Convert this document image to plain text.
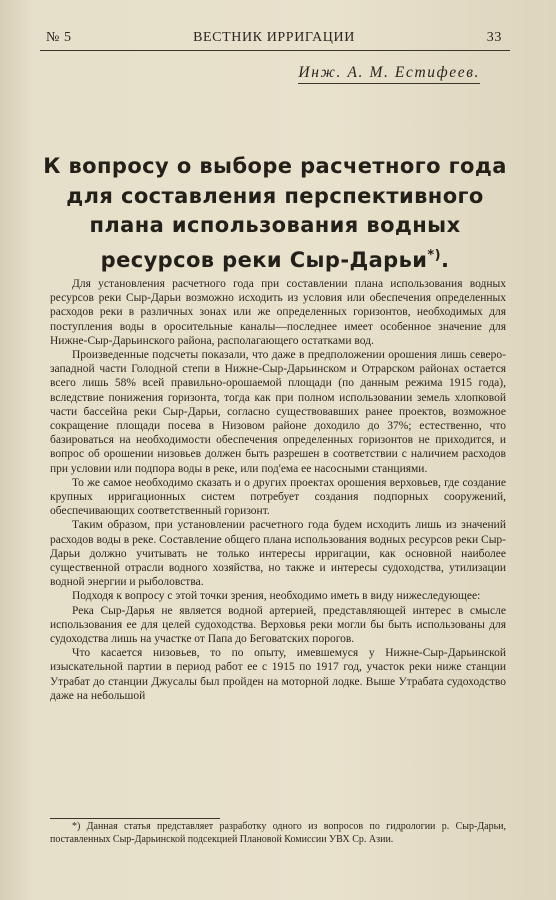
№ 5	ВЕСТНИК ИРРИГАЦИИ	33
Инж. А. М. Естифеев.
К вопросу о выборе расчетного года для составления перспективного плана использования водных ресурсов реки Сыр-Дарьи*).

Для установления расчетного года при составлении плана использования водных ресурсов реки Сыр-Дарьи возможно исходить из условия или обеспечения определенных расходов реки в различных зонах или же определенных горизонтов, необходимых для поступления воды в оросительные каналы—последнее имеет особенное значение для Нижне-Сыр-Дарьинского района, располагающего остатками вод.

Произведенные подсчеты показали, что даже в предположении орошения лишь северо-западной части Голодной степи в Нижне-Сыр-Дарьинском и Отрарском районах остается всего лишь 58% всей правильно-орошаемой площади (по данным режима 1915 года), вследствие понижения горизонта, тогда как при полном использовании земель хлопковой части бассейна реки Сыр-Дарьи, согласно существовавших ранее проектов, возможное сокращение площади посева в Низовом районе доходило до 37%; естественно, что базироваться на необходимости обеспечения определенных горизонтов не приходится, и вопрос об орошении низовьев должен быть разрешен в соответствии с наличием расходов при условии или подпора воды в реке, или под'ема ее насосными станциями.

То же самое необходимо сказать и о других проектах орошения верховьев, где создание крупных ирригационных систем потребует создания подпорных сооружений, обеспечивающих соответственный горизонт.

Таким образом, при установлении расчетного года будем исходить лишь из значений расходов воды в реке. Составление общего плана использования водных ресурсов реки Сыр-Дарьи должно учитывать не только интересы ирригации, как основной наиболее существенной отрасли водного хозяйства, но также и интересы судоходства, утилизации водной энергии и рыболовства.

Подходя к вопросу с этой точки зрения, необходимо иметь в виду нижеследующее:

Река Сыр-Дарья не является водной артерией, представляющей интерес в смысле использования ее для целей судоходства. Верховья реки могли бы быть использованы для судоходства лишь на участке от Папа до Беговатских порогов.

Что касается низовьев, то по опыту, имевшемуся у Нижне-Сыр-Дарьинской изыскательной партии в период работ ее с 1915 по 1917 год, участок реки ниже станции Утрабат до станции Джусалы был пройден на моторной лодке. Выше Утрабата судоходство даже на небольшой

*) Данная статья представляет разработку одного из вопросов по гидрологии р. Сыр-Дарьи, поставленных Сыр-Дарьинской подсекцией Плановой Комиссии УВХ Ср. Азии.
